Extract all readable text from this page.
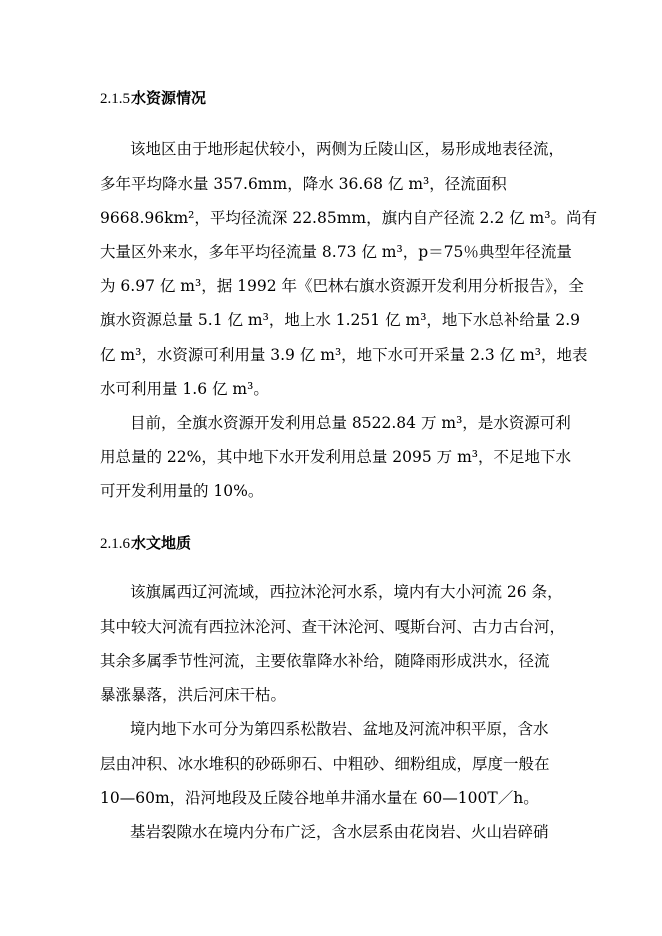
2.1.5水资源情况
该地区由于地形起伏较小，两侧为丘陵山区，易形成地表径流，
多年平均降水量 357.6mm，降水 36.68 亿 m³，径流面积
9668.96km²，平均径流深 22.85mm，旗内自产径流 2.2 亿 m³。尚有
大量区外来水，多年平均径流量 8.73 亿 m³，p＝75％典型年径流量
为 6.97 亿 m³，据 1992 年《巴林右旗水资源开发利用分析报告》，全
旗水资源总量 5.1 亿 m³，地上水 1.251 亿 m³，地下水总补给量 2.9
亿 m³，水资源可利用量 3.9 亿 m³，地下水可开采量 2.3 亿 m³，地表
水可利用量 1.6 亿 m³。
目前，全旗水资源开发利用总量 8522.84 万 m³，是水资源可利
用总量的 22%，其中地下水开发利用总量 2095 万 m³，不足地下水
可开发利用量的 10%。
2.1.6水文地质
该旗属西辽河流域，西拉沐沦河水系，境内有大小河流 26 条，
其中较大河流有西拉沐沦河、查干沐沦河、嘎斯台河、古力古台河，
其余多属季节性河流，主要依靠降水补给，随降雨形成洪水，径流
暴涨暴落，洪后河床干枯。
境内地下水可分为第四系松散岩、盆地及河流冲积平原，含水
层由冲积、冰水堆积的砂砾卵石、中粗砂、细粉组成，厚度一般在
10—60m，沿河地段及丘陵谷地单井涌水量在 60—100T／h。
基岩裂隙水在境内分布广泛，含水层系由花岗岩、火山岩碎硝
